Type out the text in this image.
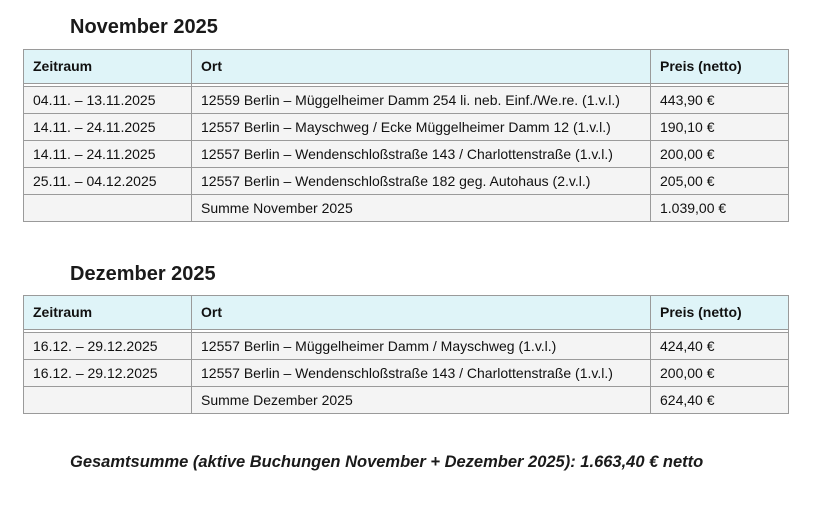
November 2025
Zeitraum	Ort	Preis (netto)

04.11. – 13.11.2025	12559 Berlin – Müggelheimer Damm 254 li. neb. Einf./We.re. (1.v.l.)	443,90 €
14.11. – 24.11.2025	12557 Berlin – Mayschweg / Ecke Müggelheimer Damm 12 (1.v.l.)	190,10 €
14.11. – 24.11.2025	12557 Berlin – Wendenschloßstraße 143 / Charlottenstraße (1.v.l.)	200,00 €
25.11. – 04.12.2025	12557 Berlin – Wendenschloßstraße 182 geg. Autohaus (2.v.l.)	205,00 €
	Summe November 2025	1.039,00 €
Dezember 2025
Zeitraum	Ort	Preis (netto)

16.12. – 29.12.2025	12557 Berlin – Müggelheimer Damm / Mayschweg (1.v.l.)	424,40 €
16.12. – 29.12.2025	12557 Berlin – Wendenschloßstraße 143 / Charlottenstraße (1.v.l.)	200,00 €
	Summe Dezember 2025	624,40 €

Gesamtsumme (aktive Buchungen November + Dezember 2025): 1.663,40 € netto
